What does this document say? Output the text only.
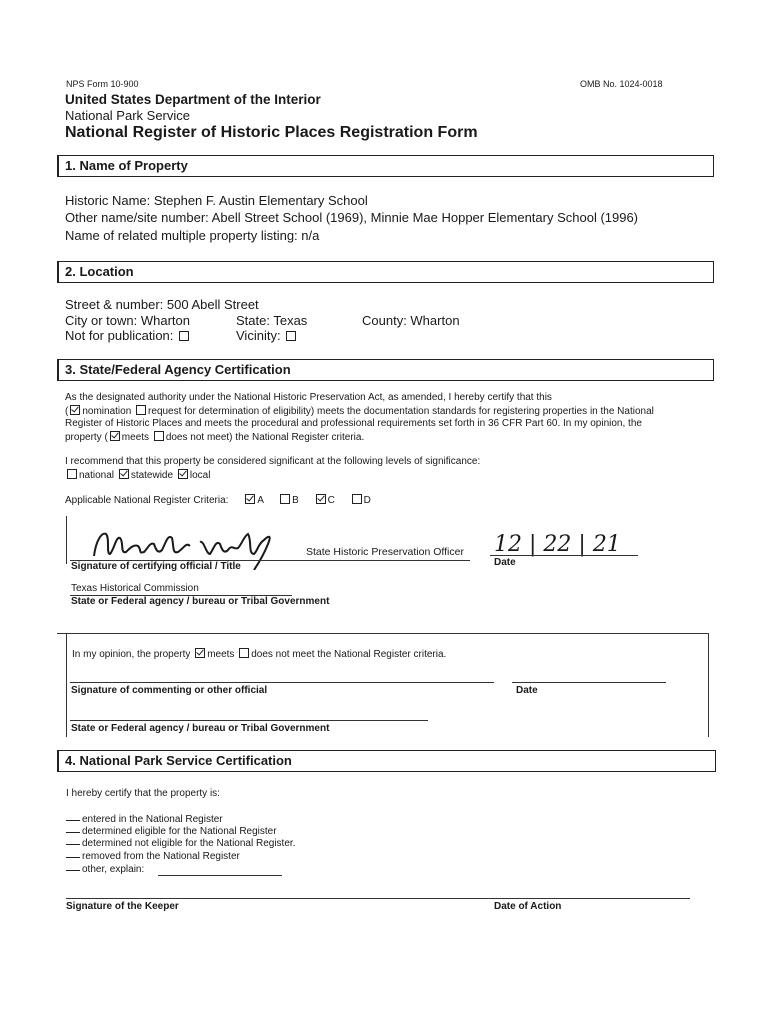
NPS Form 10-900	OMB No. 1024-0018
United States Department of the Interior
National Park Service
National Register of Historic Places Registration Form
1. Name of Property
Historic Name: Stephen F. Austin Elementary School
Other name/site number: Abell Street School (1969), Minnie Mae Hopper Elementary School (1996)
Name of related multiple property listing: n/a
2. Location
Street & number: 500 Abell Street
City or town: Wharton	State: Texas	County: Wharton
Not for publication:	Vicinity:
3. State/Federal Agency Certification
As the designated authority under the National Historic Preservation Act, as amended, I hereby certify that this
( nomination request for determination of eligibility) meets the documentation standards for registering properties in the National
Register of Historic Places and meets the procedural and professional requirements set forth in 36 CFR Part 60. In my opinion, the
property ( meets does not meet) the National Register criteria.
I recommend that this property be considered significant at the following levels of significance:
national statewide local
Applicable National Register Criteria:	A	B	C	D
State Historic Preservation Officer
Signature of certifying official / Title
12 | 22 | 21
Date
Texas Historical Commission
State or Federal agency / bureau or Tribal Government
In my opinion, the property meets does not meet the National Register criteria.
Signature of commenting or other official	Date
State or Federal agency / bureau or Tribal Government
4. National Park Service Certification
I hereby certify that the property is:
entered in the National Register
determined eligible for the National Register
determined not eligible for the National Register.
removed from the National Register
other, explain:
Signature of the Keeper	Date of Action
